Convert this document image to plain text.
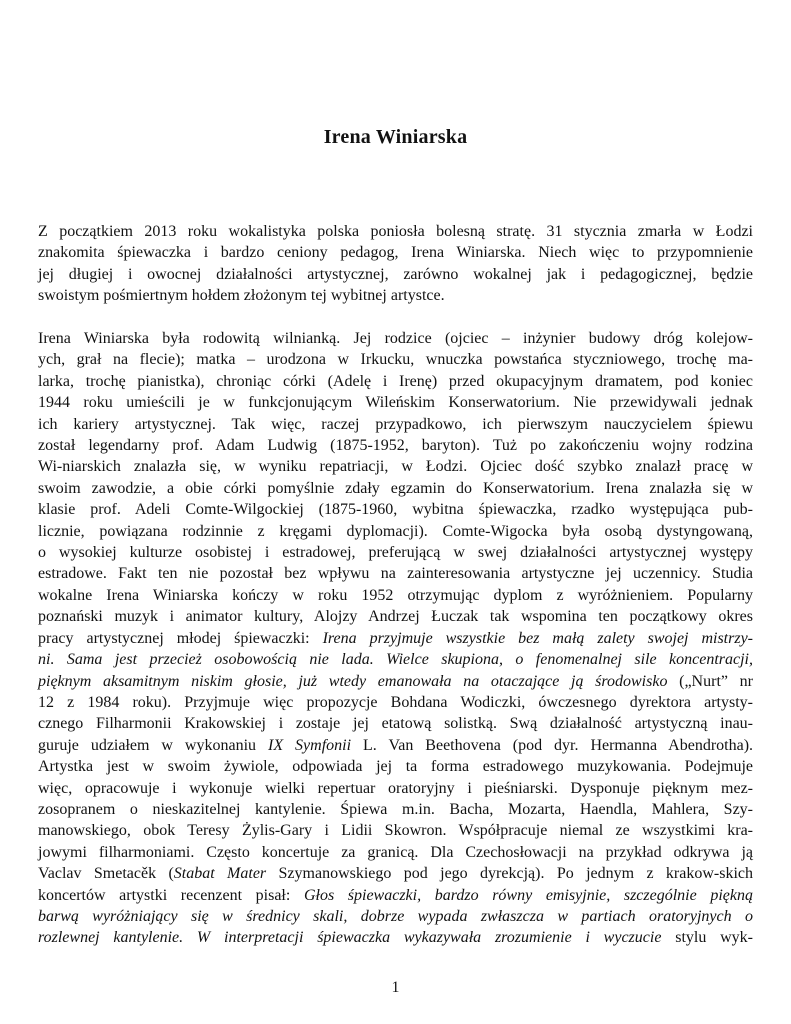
Irena Winiarska
Z początkiem 2013 roku wokalistyka polska poniosła bolesną stratę. 31 stycznia zmarła w Łodzi
znakomita śpiewaczka i bardzo ceniony pedagog, Irena Winiarska. Niech więc to przypomnienie
jej długiej i owocnej działalności artystycznej, zarówno wokalnej jak i pedagogicznej, będzie
swoistym pośmiertnym hołdem złożonym tej wybitnej artystce.
Irena Winiarska była rodowitą wilnianką. Jej rodzice (ojciec – inżynier budowy dróg kolejow-
ych, grał na flecie); matka – urodzona w Irkucku, wnuczka powstańca styczniowego, trochę ma-
larka, trochę pianistka), chroniąc córki (Adelę i Irenę) przed okupacyjnym dramatem, pod koniec
1944 roku umieścili je w funkcjonującym Wileńskim Konserwatorium. Nie przewidywali jednak
ich kariery artystycznej. Tak więc, raczej przypadkowo, ich pierwszym nauczycielem śpiewu
został legendarny prof. Adam Ludwig (1875-1952, baryton). Tuż po zakończeniu wojny rodzina
Wi-niarskich znalazła się, w wyniku repatriacji, w Łodzi. Ojciec dość szybko znalazł pracę w
swoim zawodzie, a obie córki pomyślnie zdały egzamin do Konserwatorium. Irena znalazła się w
klasie prof. Adeli Comte-Wilgockiej (1875-1960, wybitna śpiewaczka, rzadko występująca pub-
licznie, powiązana rodzinnie z kręgami dyplomacji). Comte-Wigocka była osobą dystyngowaną,
o wysokiej kulturze osobistej i estradowej, preferującą w swej działalności artystycznej występy
estradowe. Fakt ten nie pozostał bez wpływu na zainteresowania artystyczne jej uczennicy. Studia
wokalne Irena Winiarska kończy w roku 1952 otrzymując dyplom z wyróżnieniem. Popularny
poznański muzyk i animator kultury, Alojzy Andrzej Łuczak tak wspomina ten początkowy okres
pracy artystycznej młodej śpiewaczki: Irena przyjmuje wszystkie bez małą zalety swojej mistrzy-
ni. Sama jest przecież osobowością nie lada. Wielce skupiona, o fenomenalnej sile koncentracji,
pięknym aksamitnym niskim głosie, już wtedy emanowała na otaczające ją środowisko („Nurt” nr
12 z 1984 roku). Przyjmuje więc propozycje Bohdana Wodiczki, ówczesnego dyrektora artysty-
cznego Filharmonii Krakowskiej i zostaje jej etatową solistką. Swą działalność artystyczną inau-
guruje udziałem w wykonaniu IX Symfonii L. Van Beethovena (pod dyr. Hermanna Abendrotha).
Artystka jest w swoim żywiole, odpowiada jej ta forma estradowego muzykowania. Podejmuje
więc, opracowuje i wykonuje wielki repertuar oratoryjny i pieśniarski. Dysponuje pięknym mez-
zosopranem o nieskazitelnej kantylenie. Śpiewa m.in. Bacha, Mozarta, Haendla, Mahlera, Szy-
manowskiego, obok Teresy Żylis-Gary i Lidii Skowron. Współpracuje niemal ze wszystkimi kra-
jowymi filharmoniami. Często koncertuje za granicą. Dla Czechosłowacji na przykład odkrywa ją
Vaclav Smetacěk (Stabat Mater Szymanowskiego pod jego dyrekcją). Po jednym z krakow-skich
koncertów artystki recenzent pisał: Głos śpiewaczki, bardzo równy emisyjnie, szczególnie piękną
barwą wyróżniający się w średnicy skali, dobrze wypada zwłaszcza w partiach oratoryjnych o
rozlewnej kantylenie. W interpretacji śpiewaczka wykazywała zrozumienie i wyczucie stylu wyk-
1
